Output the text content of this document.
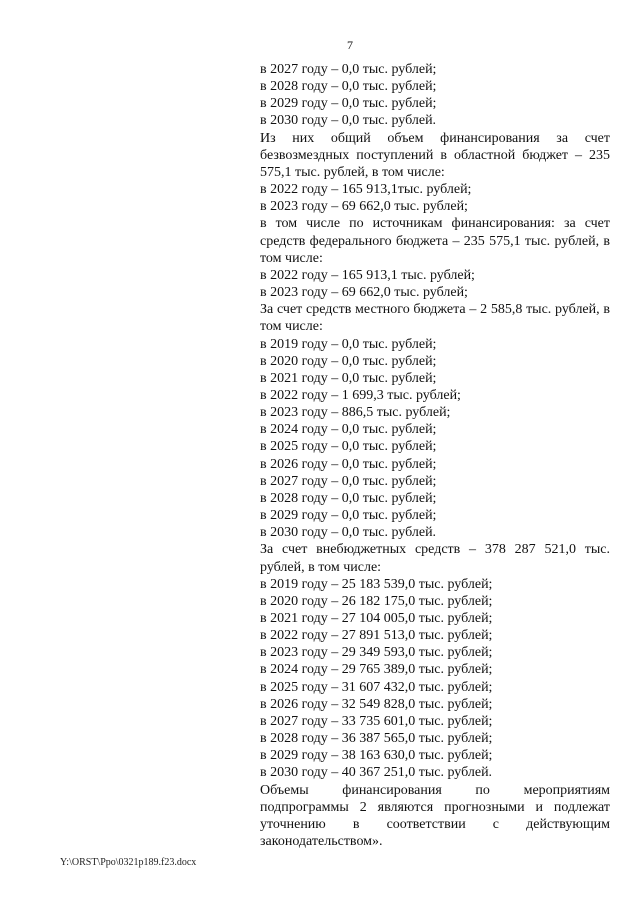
7
в 2027 году – 0,0 тыс. рублей;
в 2028 году – 0,0 тыс. рублей;
в 2029 году – 0,0 тыс. рублей;
в 2030 году – 0,0 тыс. рублей.
Из них общий объем финансирования за счет безвозмездных поступлений в областной бюджет – 235 575,1 тыс. рублей, в том числе:
в 2022 году – 165 913,1тыс. рублей;
в 2023 году – 69 662,0 тыс. рублей;
в том числе по источникам финансирования: за счет средств федерального бюджета – 235 575,1 тыс. рублей, в том числе:
в 2022 году – 165 913,1 тыс. рублей;
в 2023 году – 69 662,0 тыс. рублей;
За счет средств местного бюджета – 2 585,8 тыс. рублей, в том числе:
в 2019 году – 0,0 тыс. рублей;
в 2020 году – 0,0 тыс. рублей;
в 2021 году – 0,0 тыс. рублей;
в 2022 году – 1 699,3 тыс. рублей;
в 2023 году – 886,5 тыс. рублей;
в 2024 году – 0,0 тыс. рублей;
в 2025 году – 0,0 тыс. рублей;
в 2026 году – 0,0 тыс. рублей;
в 2027 году – 0,0 тыс. рублей;
в 2028 году – 0,0 тыс. рублей;
в 2029 году – 0,0 тыс. рублей;
в 2030 году – 0,0 тыс. рублей.
За счет внебюджетных средств – 378 287 521,0 тыс. рублей, в том числе:
в 2019 году – 25 183 539,0 тыс. рублей;
в 2020 году – 26 182 175,0 тыс. рублей;
в 2021 году – 27 104 005,0 тыс. рублей;
в 2022 году – 27 891 513,0 тыс. рублей;
в 2023 году – 29 349 593,0 тыс. рублей;
в 2024 году – 29 765 389,0 тыс. рублей;
в 2025 году – 31 607 432,0 тыс. рублей;
в 2026 году – 32 549 828,0 тыс. рублей;
в 2027 году – 33 735 601,0 тыс. рублей;
в 2028 году – 36 387 565,0 тыс. рублей;
в 2029 году – 38 163 630,0 тыс. рублей;
в 2030 году – 40 367 251,0 тыс. рублей.
Объемы финансирования по мероприятиям подпрограммы 2 являются прогнозными и подлежат уточнению в соответствии с действующим законодательством».
Y:\ORST\Ppo\0321p189.f23.docx
